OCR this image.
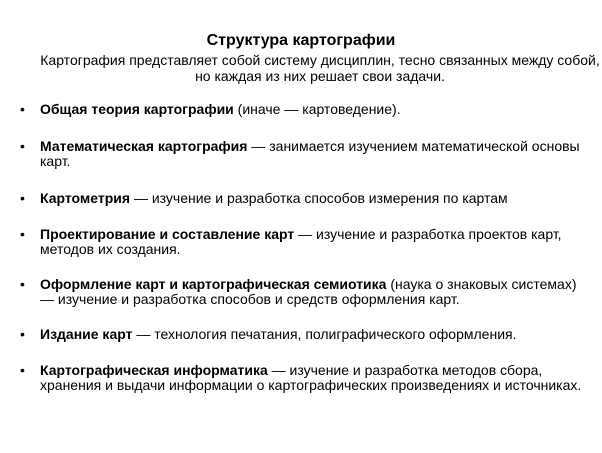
Структура картографии
Картография представляет собой систему дисциплин, тесно связанных между собой, но каждая из них решает свои задачи.
• Общая теория картографии (иначе — картоведение).
• Математическая картография — занимается изучением математической основы карт.
• Картометрия — изучение и разработка способов измерения по картам
• Проектирование и составление карт — изучение и разработка проектов карт, методов их создания.
• Оформление карт и картографическая семиотика (наука о знаковых системах)— изучение и разработка способов и средств оформления карт.
• Издание карт — технология печатания, полиграфического оформления.
• Картографическая информатика — изучение и разработка методов сбора, хранения и выдачи информации о картографических произведениях и источниках.
